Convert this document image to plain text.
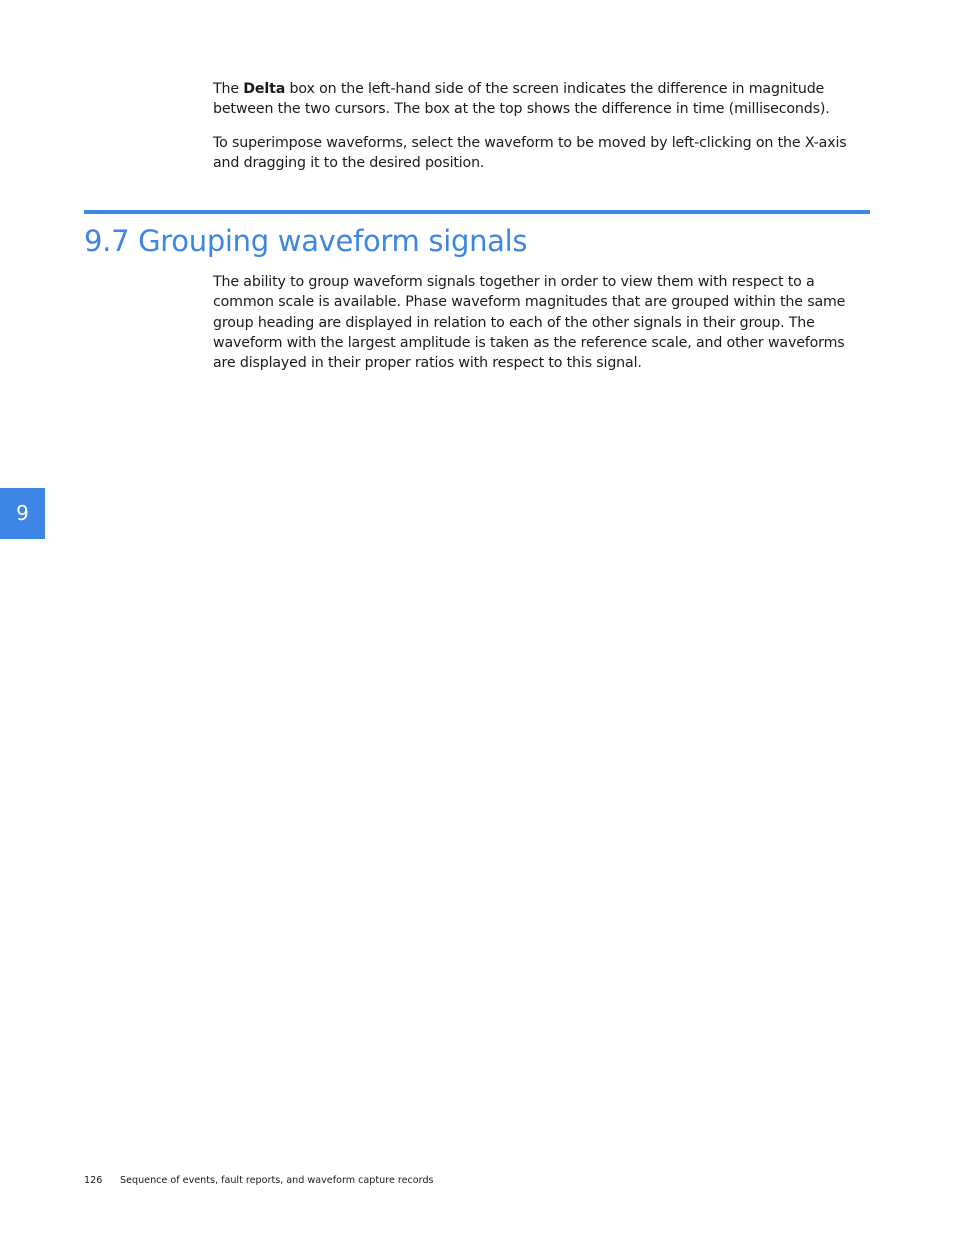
The Delta box on the left-hand side of the screen indicates the difference in magnitude between the two cursors. The box at the top shows the difference in time (milliseconds).

To superimpose waveforms, select the waveform to be moved by left-clicking on the X-axis and dragging it to the desired position.

9.7 Grouping waveform signals

The ability to group waveform signals together in order to view them with respect to a common scale is available. Phase waveform magnitudes that are grouped within the same group heading are displayed in relation to each of the other signals in their group. The waveform with the largest amplitude is taken as the reference scale, and other waveforms are displayed in their proper ratios with respect to this signal.

9
126 Sequence of events, fault reports, and waveform capture records
